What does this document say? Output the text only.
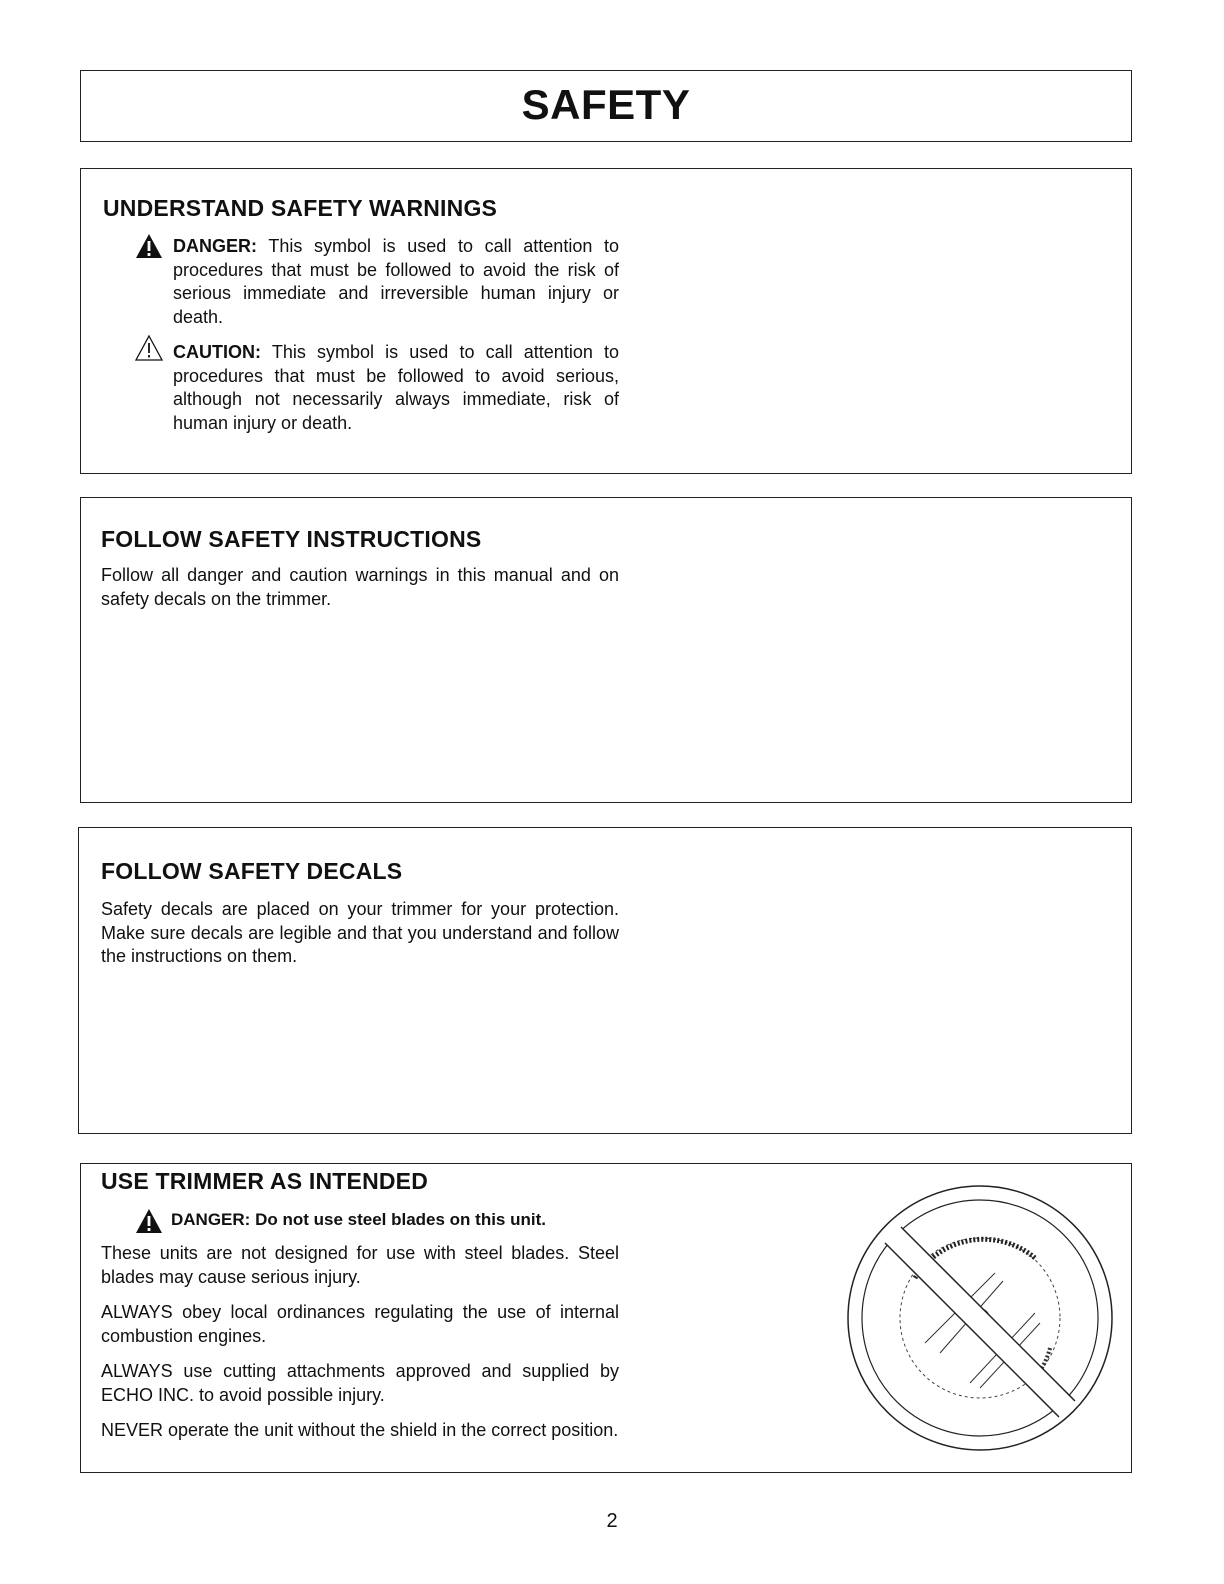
SAFETY
UNDERSTAND SAFETY WARNINGS
DANGER: This symbol is used to call attention to procedures that must be followed to avoid the risk of serious immediate and irreversible human injury or death.
CAUTION: This symbol is used to call attention to procedures that must be followed to avoid serious, although not necessarily always immediate, risk of human injury or death.
FOLLOW SAFETY INSTRUCTIONS
Follow all danger and caution warnings in this manual and on safety decals on the trimmer.
FOLLOW SAFETY DECALS
Safety decals are placed on your trimmer for your protection. Make sure decals are legible and that you understand and follow the instructions on them.
USE TRIMMER AS INTENDED
DANGER: Do not use steel blades on this unit.
These units are not designed for use with steel blades. Steel blades may cause serious injury.
ALWAYS obey local ordinances regulating the use of internal combustion engines.
ALWAYS use cutting attachments approved and supplied by ECHO INC. to avoid possible injury.
NEVER operate the unit without the shield in the correct position.
2
